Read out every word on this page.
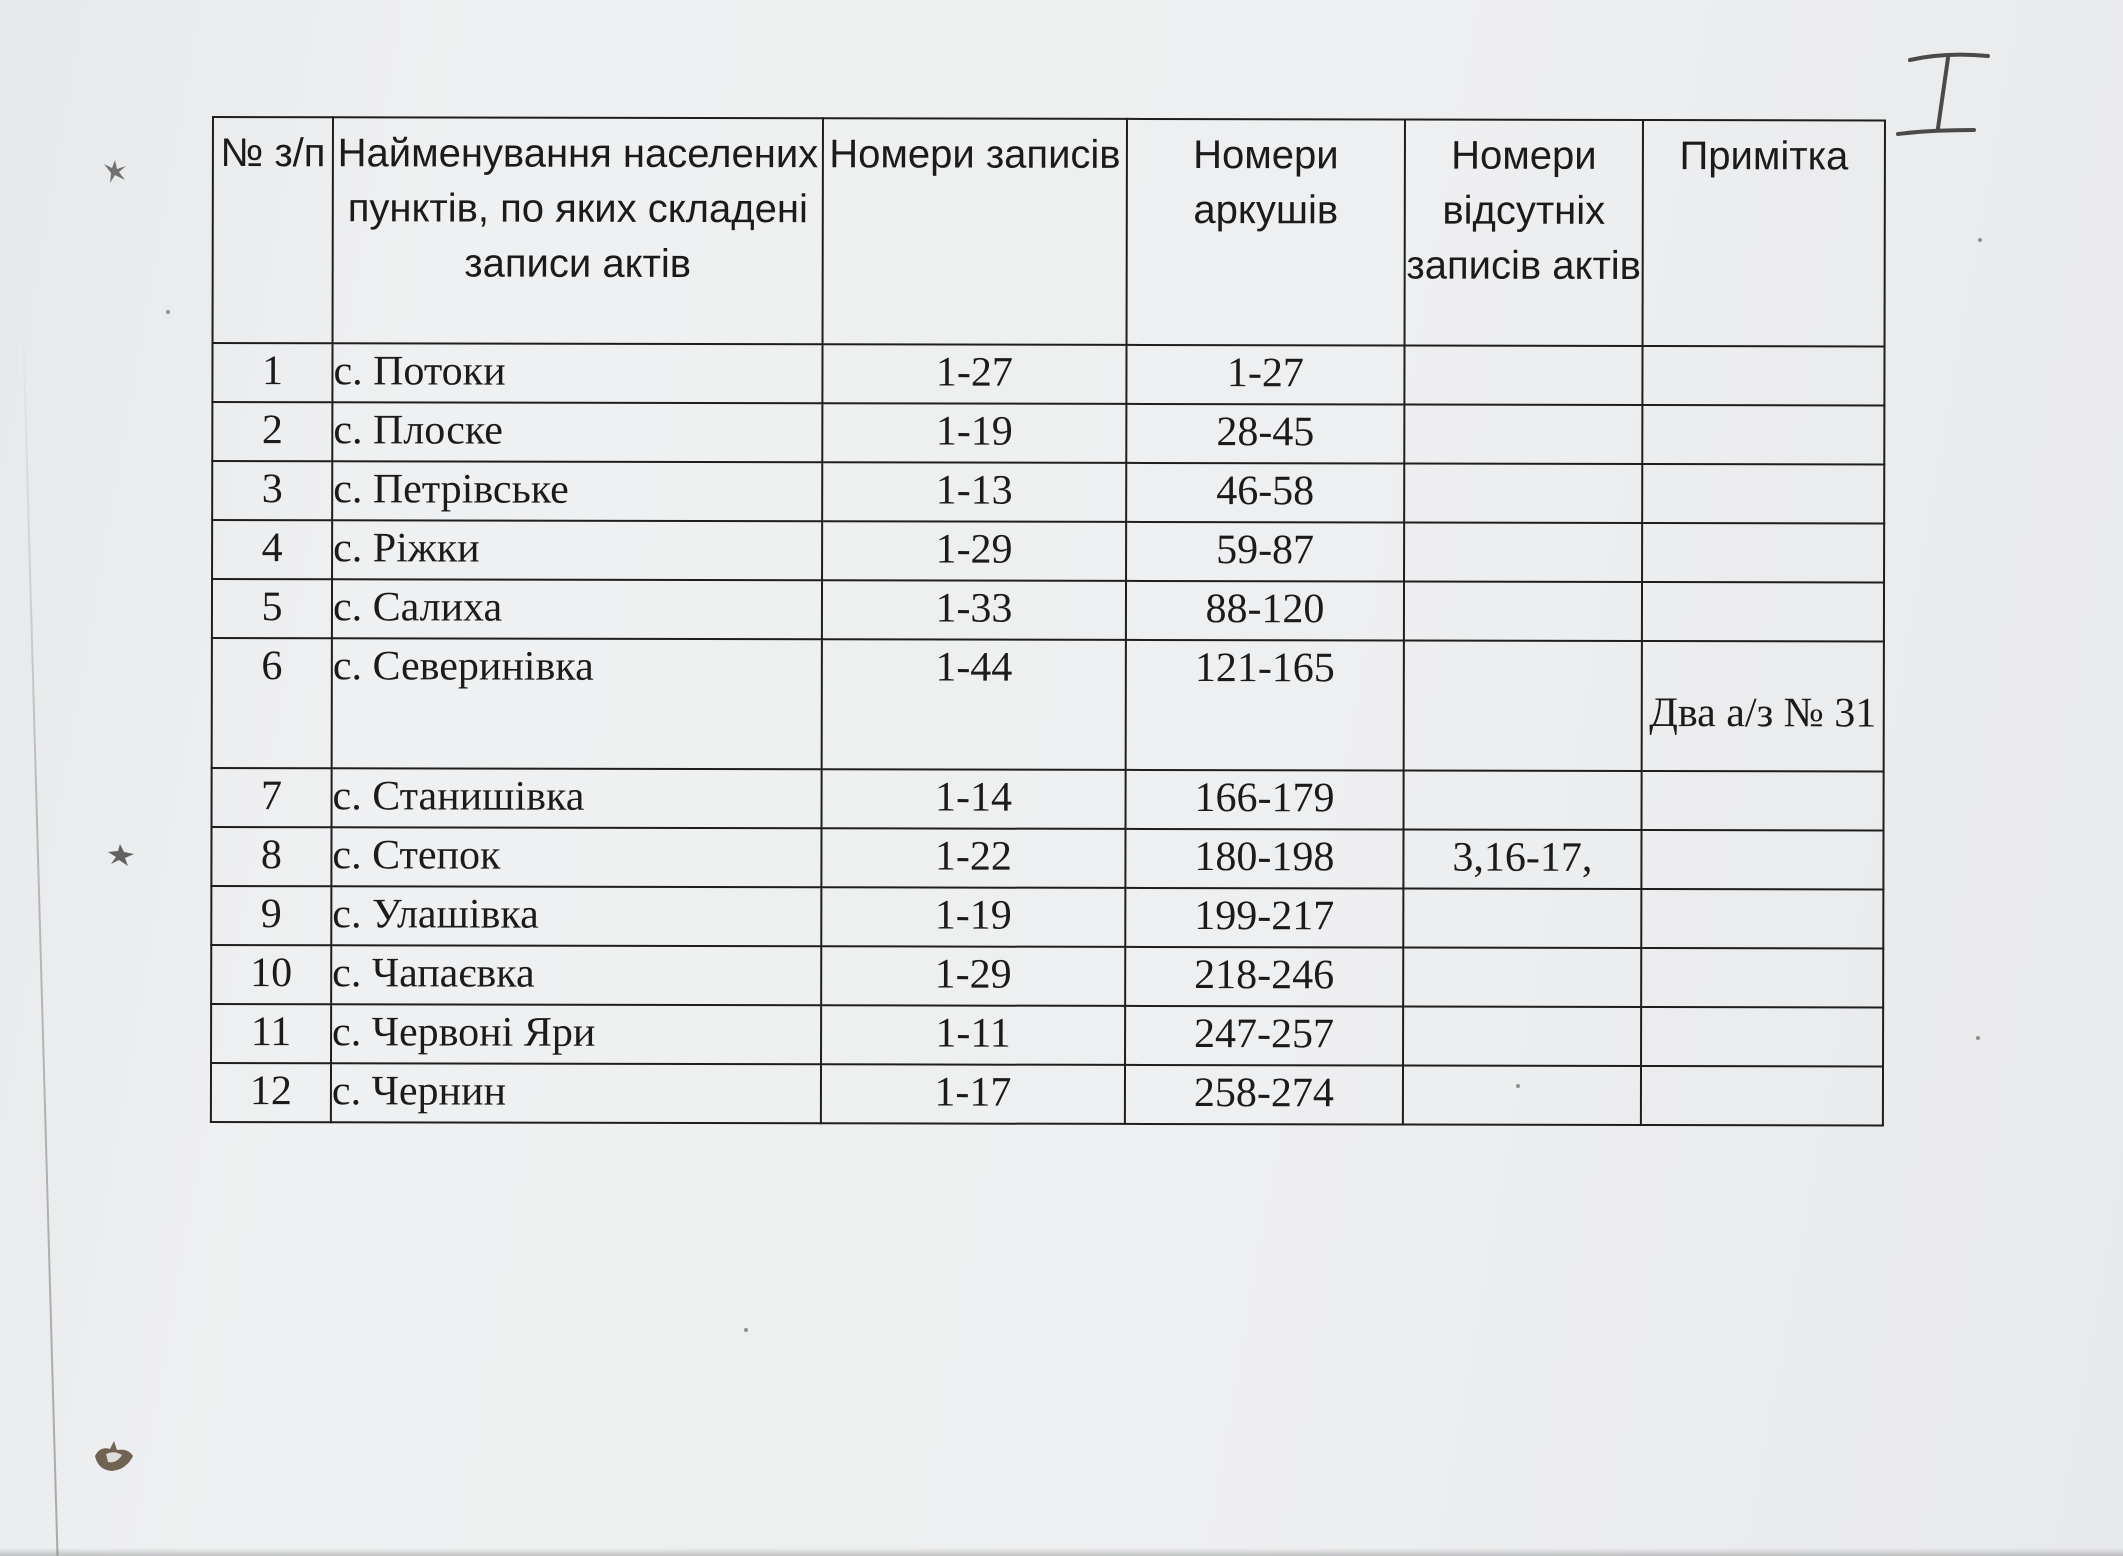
№ з/п	Найменування населених пунктів, по яких складені записи актів	Номери записів	Номери аркушів	Номери відсутніх записів актів	Примітка
1	с. Потоки	1-27	1-27		
2	с. Плоске	1-19	28-45		
3	с. Петрівське	1-13	46-58		
4	с. Ріжки	1-29	59-87		
5	с. Салиха	1-33	88-120		
6	с. Северинівка	1-44	121-165		Два а/з № 31
7	с. Станишівка	1-14	166-179		
8	с. Степок	1-22	180-198	3,16-17,	
9	с. Улашівка	1-19	199-217		
10	с. Чапаєвка	1-29	218-246		
11	с. Червоні Яри	1-11	247-257		
12	с. Чернин	1-17	258-274		
